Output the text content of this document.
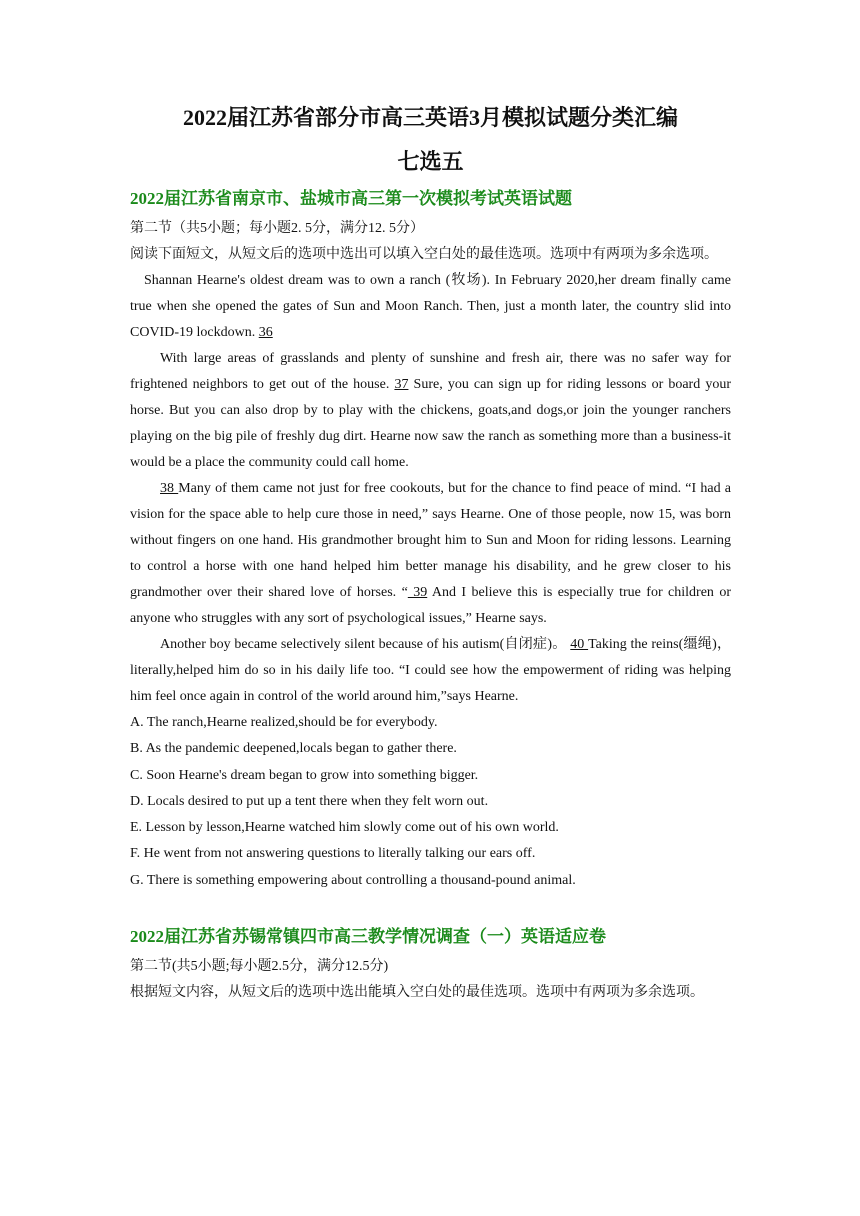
2022届江苏省部分市高三英语3月模拟试题分类汇编
七选五
2022届江苏省南京市、盐城市高三第一次模拟考试英语试题

第二节（共5小题；每小题2. 5分，满分12. 5分）

阅读下面短文，从短文后的选项中选出可以填入空白处的最佳选项。选项中有两项为多余选项。

Shannan Hearne's oldest dream was to own a ranch (牧场). In February 2020,her dream finally came true when she opened the gates of Sun and Moon Ranch. Then, just a month later, the country slid into COVID-19 lockdown. 36

With large areas of grasslands and plenty of sunshine and fresh air, there was no safer way for frightened neighbors to get out of the house. 37 Sure, you can sign up for riding lessons or board your horse. But you can also drop by to play with the chickens, goats,and dogs,or join the younger ranchers playing on the big pile of freshly dug dirt. Hearne now saw the ranch as something more than a business-it would be a place the community could call home.

38 Many of them came not just for free cookouts, but for the chance to find peace of mind. “I had a vision for the space able to help cure those in need,” says Hearne. One of those people, now 15, was born without fingers on one hand. His grandmother brought him to Sun and Moon for riding lessons. Learning to control a horse with one hand helped him better manage his disability, and he grew closer to his grandmother over their shared love of horses. “ 39 And I believe this is especially true for children or anyone who struggles with any sort of psychological issues,” Hearne says.

Another boy became selectively silent because of his autism(自闭症)。 40 Taking the reins(缰绳)， literally,helped him do so in his daily life too. “I could see how the empowerment of riding was helping him feel once again in control of the world around him,”says Hearne.

A. The ranch,Hearne realized,should be for everybody.

B. As the pandemic deepened,locals began to gather there.

C. Soon Hearne's dream began to grow into something bigger.

D. Locals desired to put up a tent there when they felt worn out.

E. Lesson by lesson,Hearne watched him slowly come out of his own world.

F. He went from not answering questions to literally talking our ears off.

G. There is something empowering about controlling a thousand-pound animal.

2022届江苏省苏锡常镇四市高三教学情况调查（一）英语适应卷

第二节(共5小题;每小题2.5分，满分12.5分)

根据短文内容，从短文后的选项中选出能填入空白处的最佳选项。选项中有两项为多余选项。
